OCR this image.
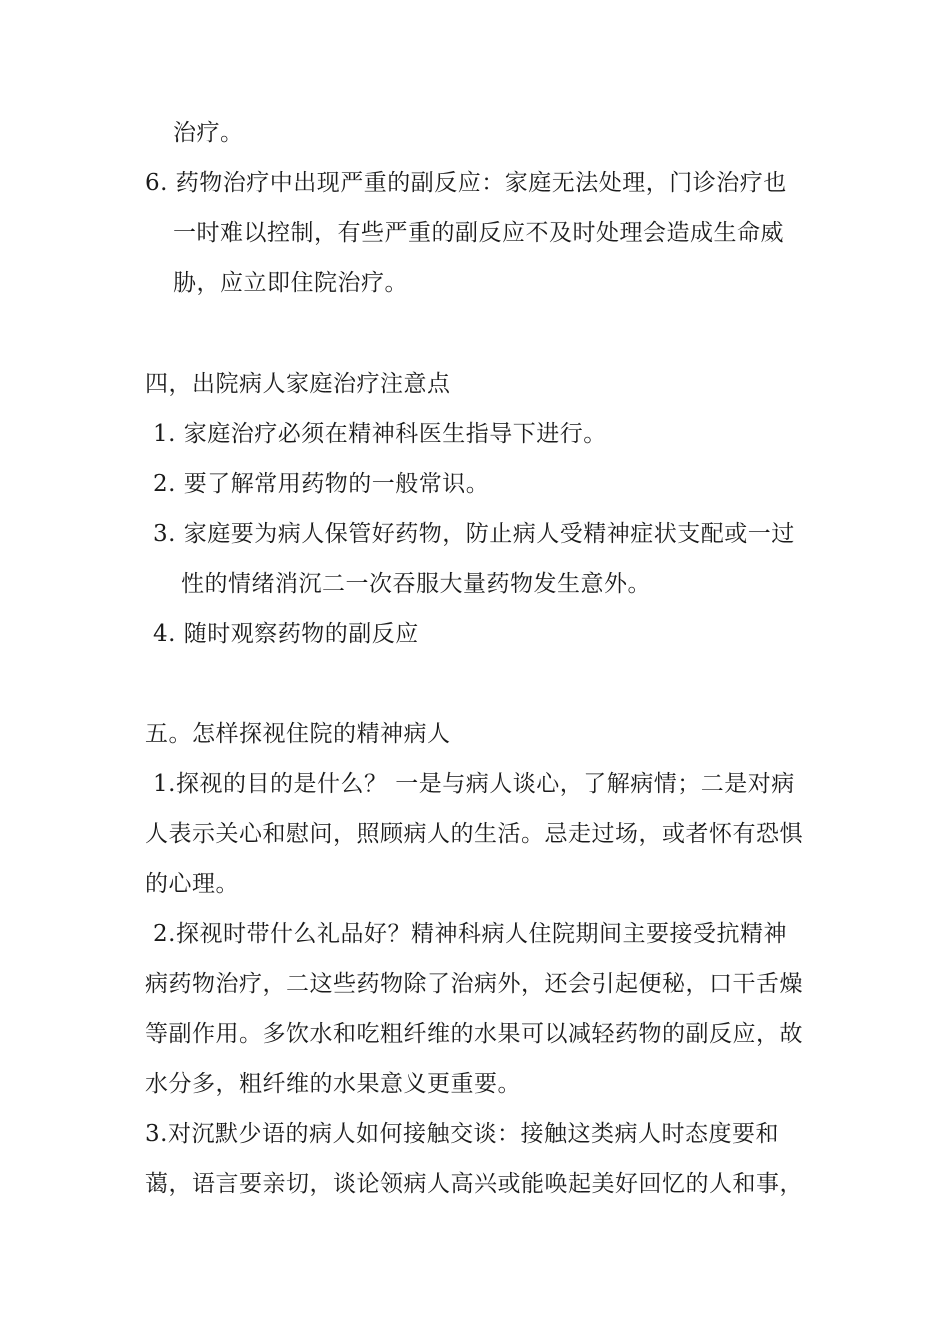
治疗。
6. 药物治疗中出现严重的副反应：家庭无法处理，门诊治疗也
一时难以控制，有些严重的副反应不及时处理会造成生命威
胁，应立即住院治疗。
四，出院病人家庭治疗注意点
1. 家庭治疗必须在精神科医生指导下进行。
2. 要了解常用药物的一般常识。
3. 家庭要为病人保管好药物，防止病人受精神症状支配或一过
性的情绪消沉二一次吞服大量药物发生意外。
4. 随时观察药物的副反应
五。怎样探视住院的精神病人
1.探视的目的是什么？ 一是与病人谈心，了解病情；二是对病
人表示关心和慰问，照顾病人的生活。忌走过场，或者怀有恐惧
的心理。
2.探视时带什么礼品好？精神科病人住院期间主要接受抗精神
病药物治疗，二这些药物除了治病外，还会引起便秘，口干舌燥
等副作用。多饮水和吃粗纤维的水果可以减轻药物的副反应，故
水分多，粗纤维的水果意义更重要。
3.对沉默少语的病人如何接触交谈：接触这类病人时态度要和
蔼，语言要亲切，谈论领病人高兴或能唤起美好回忆的人和事，
